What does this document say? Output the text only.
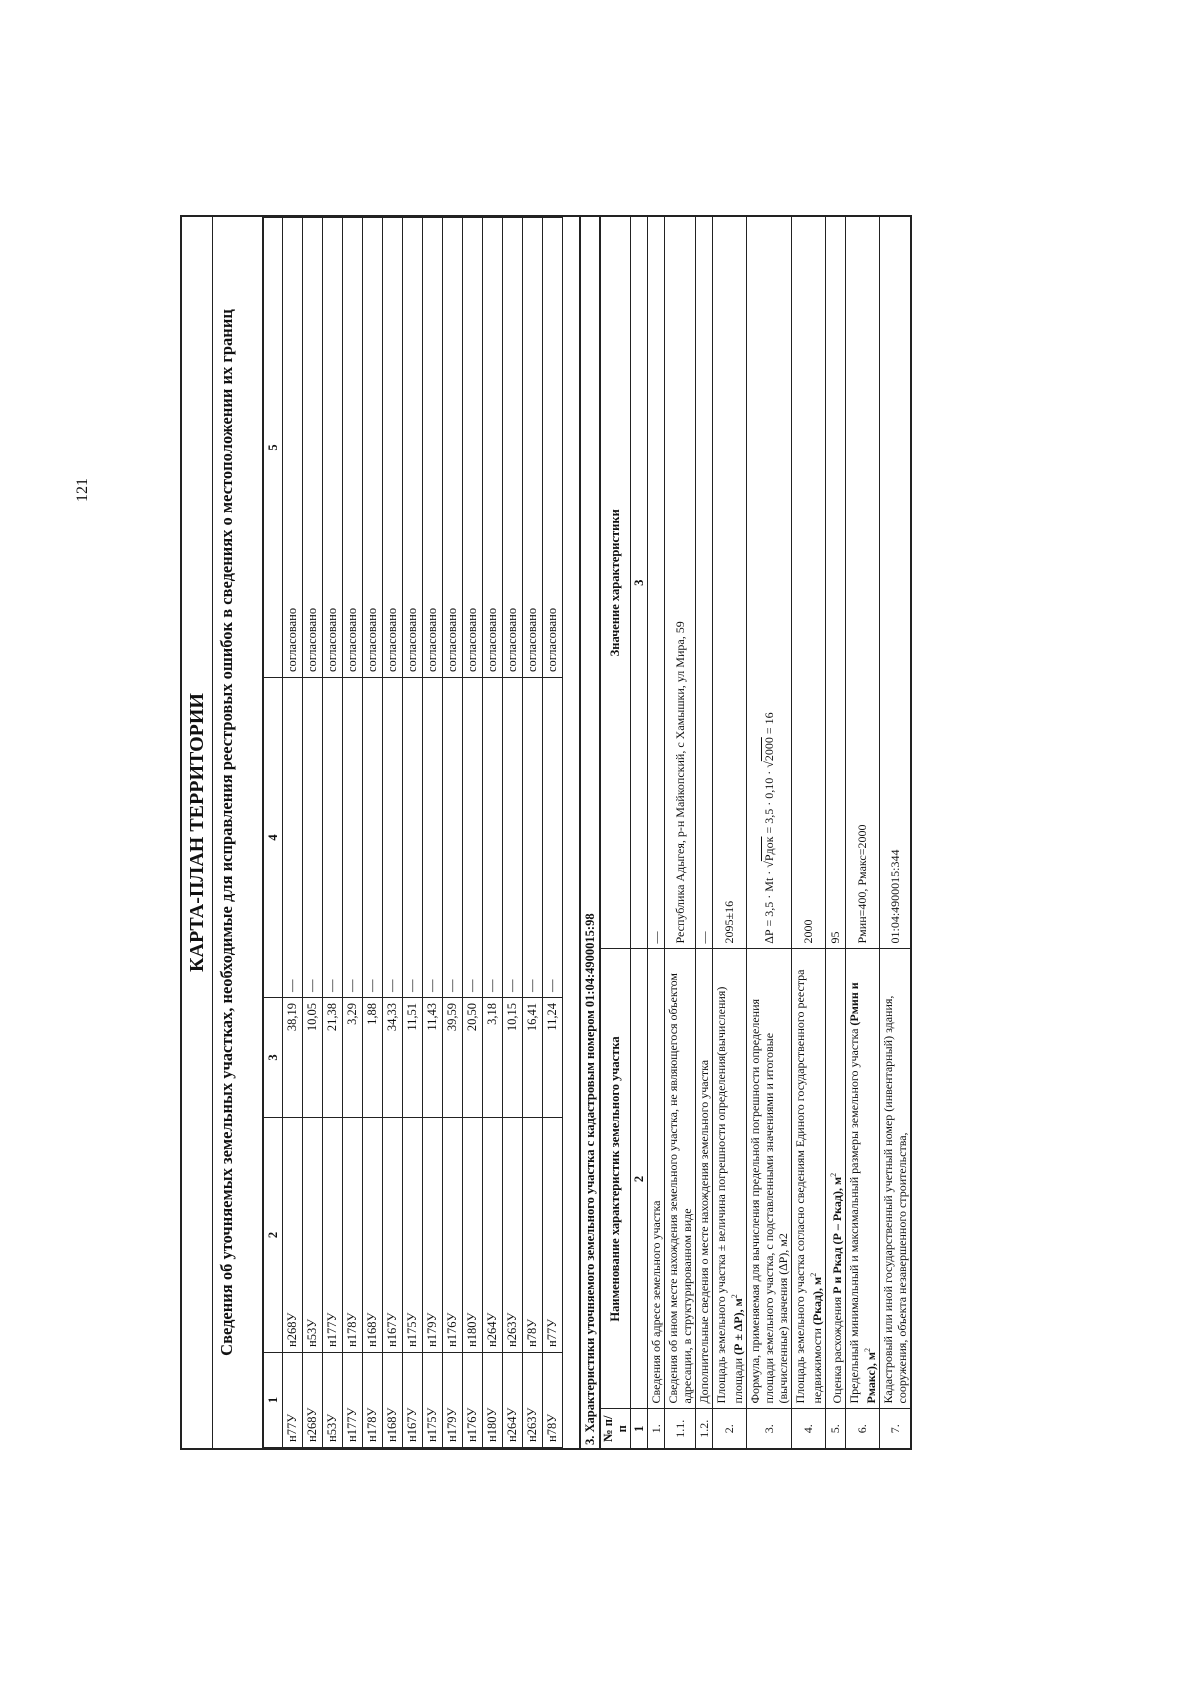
121
КАРТА-ПЛАН ТЕРРИТОРИИ Сведения об уточняемых земельных участках, необходимые для исправления реестровых ошибок в сведениях о местоположении их границ
1	2	3	4	5
н77У	н268У	38,19	—	согласовано
н268У	н53У	10,05	—	согласовано
н53У	н177У	21,38	—	согласовано
н177У	н178У	3,29	—	согласовано
н178У	н168У	1,88	—	согласовано
н168У	н167У	34,33	—	согласовано
н167У	н175У	11,51	—	согласовано
н175У	н179У	11,43	—	согласовано
н179У	н176У	39,59	—	согласовано
н176У	н180У	20,50	—	согласовано
н180У	н264У	3,18	—	согласовано
н264У	н263У	10,15	—	согласовано
н263У	н78У	16,41	—	согласовано
н78У	н77У	11,24	—	согласовано
3. Характеристики уточняемого земельного участка с кадастровым номером 01:04:4900015:98 № п/п	Наименование характеристик земельного участка	Значение характеристики
1	2	3
1.	Сведения об адресе земельного участка	—
1.1.	Сведения об ином месте нахождения земельного участка, не являющегося объектом адресации, в структурированном виде	Республика Адыгея, р-н Майкопский, с Хамышки, ул Мира, 59
1.2.	Дополнительные сведения о месте нахождения земельного участка	—
2.	Площадь земельного участка ± величина погрешности определения(вычисления) площади (Р ± ∆Р), $м^2$	2095±16
3.	Формула, применяемая для вычисления предельной погрешности определения площади земельного участка, с подставленными значениями и итоговые (вычисленные) значения (∆Р), м2	∆Р = 3,5 · Mt · √Pдок = 3,5 · 0,10 · √2000 = 16
4.	Площадь земельного участка согласно сведениям Единого государственного реестра недвижимости (Ркад), $м^2$	2000
5.	Оценка расхождения Р и Ркад (Р – Ркад), $м^2$	95
6.	Предельный минимальный и максимальный размеры земельного участка (Рмин и Рмакс), $м^2$	Рмин=400, Рмакс=2000
7.	Кадастровый или иной государственный учетный номер (инвентарный) здания, сооружения, объекта незавершенного строительства,	01:04:4900015:344
